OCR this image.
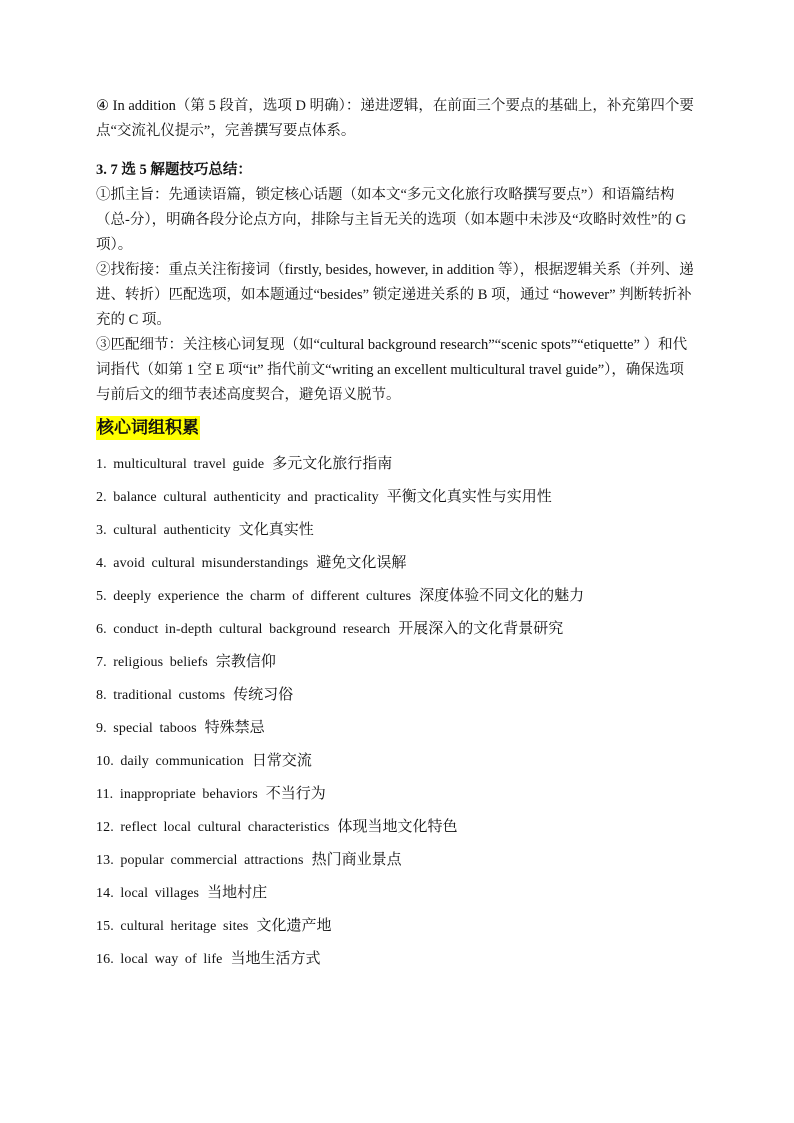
④ In addition（第 5 段首，选项 D 明确）：递进逻辑，在前面三个要点的基础上，补充第四个要点“交流礼仪提示”，完善撰写要点体系。

3. 7 选 5 解题技巧总结：

①抓主旨：先通读语篇，锁定核心话题（如本文“多元文化旅行攻略撰写要点”）和语篇结构（总-分），明确各段分论点方向，排除与主旨无关的选项（如本题中未涉及“攻略时效性”的 G 项）。

②找衔接：重点关注衔接词（firstly, besides, however, in addition 等），根据逻辑关系（并列、递进、转折）匹配选项，如本题通过“besides” 锁定递进关系的 B 项，通过 “however” 判断转折补充的 C 项。

③匹配细节：关注核心词复现（如“cultural background research”“scenic spots”“etiquette” ）和代词指代（如第 1 空 E 项“it” 指代前文“writing an excellent multicultural travel guide”），确保选项与前后文的细节表述高度契合，避免语义脱节。

核心词组积累
1. multicultural travel guide 多元文化旅行指南
2. balance cultural authenticity and practicality 平衡文化真实性与实用性
3. cultural authenticity 文化真实性
4. avoid cultural misunderstandings 避免文化误解
5. deeply experience the charm of different cultures 深度体验不同文化的魅力
6. conduct in-depth cultural background research 开展深入的文化背景研究
7. religious beliefs 宗教信仰
8. traditional customs 传统习俗
9. special taboos 特殊禁忌
10. daily communication 日常交流
11. inappropriate behaviors 不当行为
12. reflect local cultural characteristics 体现当地文化特色
13. popular commercial attractions 热门商业景点
14. local villages 当地村庄
15. cultural heritage sites 文化遗产地
16. local way of life 当地生活方式
